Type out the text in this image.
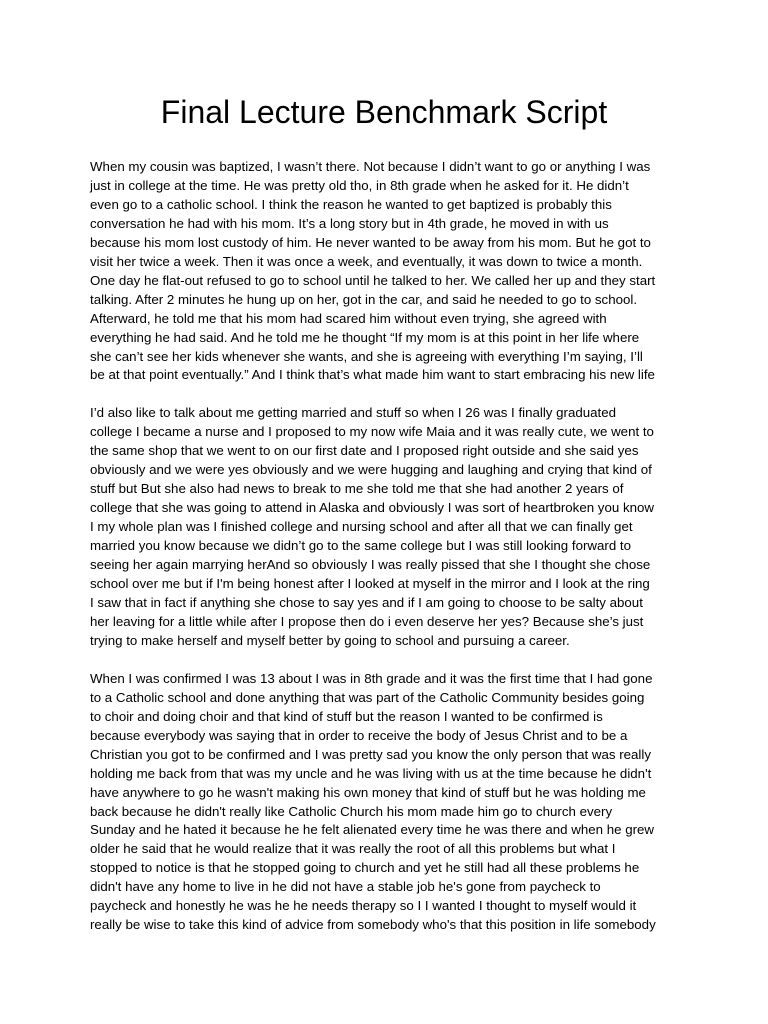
Final Lecture Benchmark Script
When my cousin was baptized, I wasn’t there. Not because I didn’t want to go or anything I was
just in college at the time. He was pretty old tho, in 8th grade when he asked for it. He didn’t
even go to a catholic school. I think the reason he wanted to get baptized is probably this
conversation he had with his mom. It’s a long story but in 4th grade, he moved in with us
because his mom lost custody of him. He never wanted to be away from his mom. But he got to
visit her twice a week. Then it was once a week, and eventually, it was down to twice a month.
One day he flat-out refused to go to school until he talked to her. We called her up and they start
talking. After 2 minutes he hung up on her, got in the car, and said he needed to go to school.
Afterward, he told me that his mom had scared him without even trying, she agreed with
everything he had said. And he told me he thought “If my mom is at this point in her life where
she can’t see her kids whenever she wants, and she is agreeing with everything I’m saying, I’ll
be at that point eventually.” And I think that’s what made him want to start embracing his new life
I’d also like to talk about me getting married and stuff so when I 26 was I finally graduated
college I became a nurse and I proposed to my now wife Maia and it was really cute, we went to
the same shop that we went to on our first date and I proposed right outside and she said yes
obviously and we were yes obviously and we were hugging and laughing and crying that kind of
stuff but But she also had news to break to me she told me that she had another 2 years of
college that she was going to attend in Alaska and obviously I was sort of heartbroken you know
I my whole plan was I finished college and nursing school and after all that we can finally get
married you know because we didn’t go to the same college but I was still looking forward to
seeing her again marrying herAnd so obviously I was really pissed that she I thought she chose
school over me but if I'm being honest after I looked at myself in the mirror and I look at the ring
I saw that in fact if anything she chose to say yes and if I am going to choose to be salty about
her leaving for a little while after I propose then do i even deserve her yes? Because she’s just
trying to make herself and myself better by going to school and pursuing a career.
When I was confirmed I was 13 about I was in 8th grade and it was the first time that I had gone
to a Catholic school and done anything that was part of the Catholic Community besides going
to choir and doing choir and that kind of stuff but the reason I wanted to be confirmed is
because everybody was saying that in order to receive the body of Jesus Christ and to be a
Christian you got to be confirmed and I was pretty sad you know the only person that was really
holding me back from that was my uncle and he was living with us at the time because he didn't
have anywhere to go he wasn't making his own money that kind of stuff but he was holding me
back because he didn't really like Catholic Church his mom made him go to church every
Sunday and he hated it because he he felt alienated every time he was there and when he grew
older he said that he would realize that it was really the root of all this problems but what I
stopped to notice is that he stopped going to church and yet he still had all these problems he
didn't have any home to live in he did not have a stable job he's gone from paycheck to
paycheck and honestly he was he he needs therapy so I I wanted I thought to myself would it
really be wise to take this kind of advice from somebody who's that this position in life somebody
